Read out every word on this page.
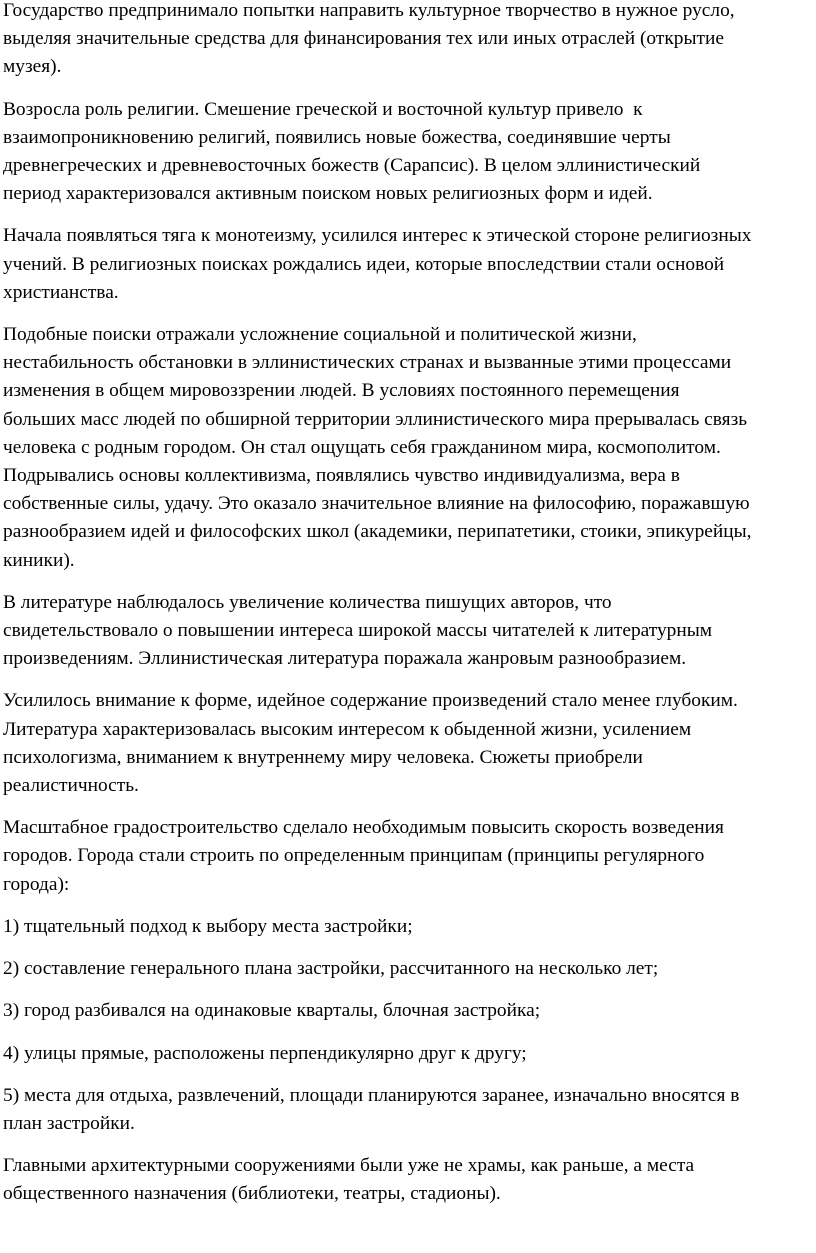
Государство предпринимало попытки направить культурное творчество в нужное русло,
выделяя значительные средства для финансирования тех или иных отраслей (открытие
музея).

Возросла роль религии. Смешение греческой и восточной культур привело  к
взаимопроникновению религий, появились новые божества, соединявшие черты
древнегреческих и древневосточных божеств (Сарапсис). В целом эллинистический
период характеризовался активным поиском новых религиозных форм и идей.

Начала появляться тяга к монотеизму, усилился интерес к этической стороне религиозных
учений. В религиозных поисках рождались идеи, которые впоследствии стали основой
христианства.

Подобные поиски отражали усложнение социальной и политической жизни,
нестабильность обстановки в эллинистических странах и вызванные этими процессами
изменения в общем мировоззрении людей. В условиях постоянного перемещения
больших масс людей по обширной территории эллинистического мира прерывалась связь
человека с родным городом. Он стал ощущать себя гражданином мира, космополитом.
Подрывались основы коллективизма, появлялись чувство индивидуализма, вера в
собственные силы, удачу. Это оказало значительное влияние на философию, поражавшую
разнообразием идей и философских школ (академики, перипатетики, стоики, эпикурейцы,
киники).

В литературе наблюдалось увеличение количества пишущих авторов, что
свидетельствовало о повышении интереса широкой массы читателей к литературным
произведениям. Эллинистическая литература поражала жанровым разнообразием.

Усилилось внимание к форме, идейное содержание произведений стало менее глубоким.
Литература характеризовалась высоким интересом к обыденной жизни, усилением
психологизма, вниманием к внутреннему миру человека. Сюжеты приобрели
реалистичность.

Масштабное градостроительство сделало необходимым повысить скорость возведения
городов. Города стали строить по определенным принципам (принципы регулярного
города):

1) тщательный подход к выбору места застройки;

2) составление генерального плана застройки, рассчитанного на несколько лет;

3) город разбивался на одинаковые кварталы, блочная застройка;

4) улицы прямые, расположены перпендикулярно друг к другу;

5) места для отдыха, развлечений, площади планируются заранее, изначально вносятся в
план застройки.

Главными архитектурными сооружениями были уже не храмы, как раньше, а места
общественного назначения (библиотеки, театры, стадионы).
